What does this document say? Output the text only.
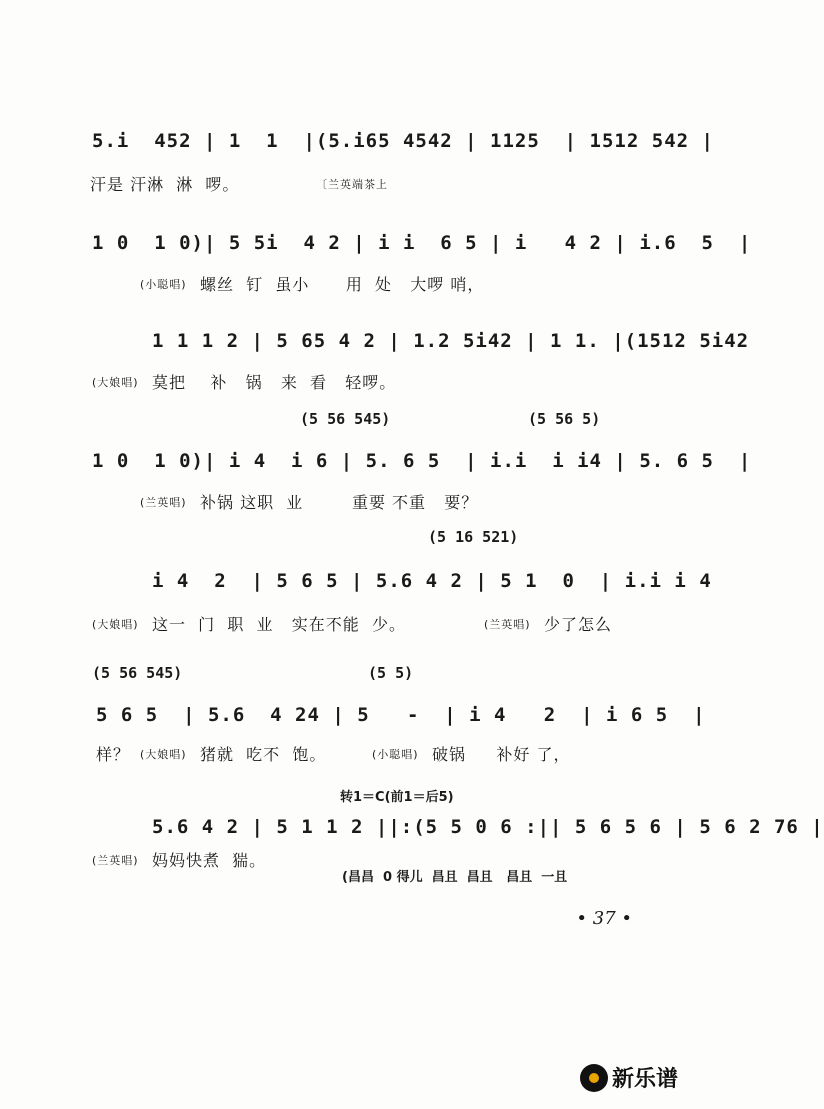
5.i  452 | 1  1  |(5.i65 4542 | 1125  | 1512 542 |
汗是 汗淋  淋  啰。	〔兰英端茶上
1 0  1 0)| 5 5i  4 2 | i i  6 5 | i   4 2 | i.6  5  |
(小聪唱) 螺丝  钉  虽小      用  处   大啰 哨，
1 1 1 2 | 5 65 4 2 | 1.2 5i42 | 1 1. |(1512 5i42
(大娘唱) 莫把    补   锅   来  看   轻啰。
(5 56 545)	(5 56 5)
1 0  1 0)| i 4  i 6 | 5. 6 5  | i.i  i i4 | 5. 6 5  |
(兰英唱) 补锅 这职  业        重要 不重   要？
(5 16 521)
i 4  2  | 5 6 5 | 5.6 4 2 | 5 1  0  | i.i i 4
(大娘唱) 这一  门  职  业   实在不能  少。	(兰英唱) 少了怎么
(5 56 545)	(5 5)
5 6 5  | 5.6  4 24 | 5   -  | i 4   2  | i 6 5  |
样？ (大娘唱) 猪就  吃不  饱。	(小聪唱) 破锅     补好 了，
转1＝C(前1＝后5)
5.6 4 2 | 5 1 1 2 ||:(5 5 0 6 :|| 5 6 5 6 | 5 6 2 76 |
(兰英唱) 妈妈快煮  猯。
(昌昌  0 得儿  昌且  昌且   昌且  一且
• 37 •
新乐谱
